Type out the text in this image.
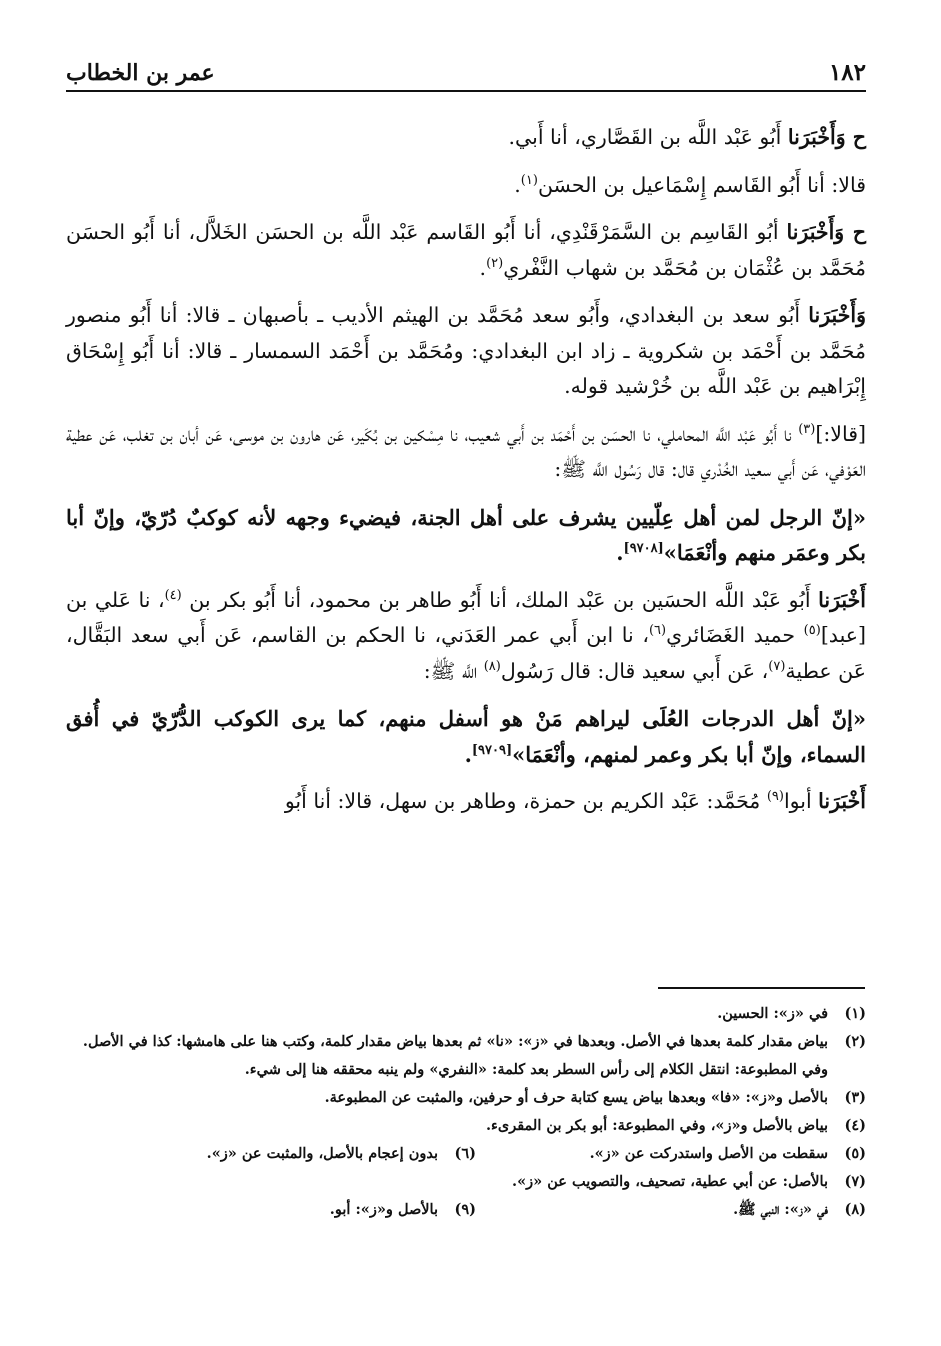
١٨٢
عمر بن الخطاب

ح وَأَخْبَرَنا أَبُو عَبْد اللَّه بن القَصَّاري، أنا أَبي.

قالا: أنا أَبُو القَاسم إِسْمَاعيل بن الحسَن$^{(١)}$.

ح وَأَخْبَرَنا أبُو القَاسِم بن السَّمَرْقَنْدِي، أنا أَبُو القَاسم عَبْد اللَّه بن الحسَن الخَلاَّل، أنا أَبُو الحسَن مُحَمَّد بن عُثْمَان بن مُحَمَّد بن شهاب النَّفْري$^{(٢)}$.

وَأَخْبَرَنا أَبُو سعد بن البغدادي، وأَبُو سعد مُحَمَّد بن الهيثم الأديب ـ بأصبهان ـ قالا: أنا أَبُو منصور مُحَمَّد بن أَحْمَد بن شكروية ـ زاد ابن البغدادي: ومُحَمَّد بن أَحْمَد السمسار ـ قالا: أنا أَبُو إِسْحَاق إِبْرَاهيم بن عَبْد اللَّه بن خُرْشيد قوله.

[قالا:]$^{(٣)}$ نا أَبُو عَبْد اللَّه المحاملي، نا الحسَن بن أَحْمَد بن أَبي شعيب، نا مِسْكين بن بُكَير، عَن هارون بن موسى، عَن أبان بن تغلب، عَن عطية العَوْفي، عَن أَبي سعيد الخُدْري قال: قال رَسُول اللَّه ﷺ:

«إنّ الرجل لمن أهل عِلّيين يشرف على أهل الجنة، فيضيء وجهه لأنه كوكبٌ دُرّيّ، وإنّ أبا بكر وعمَر منهم وأنْعَمَا»[٩٧٠٨].

أَخْبَرَنا أَبُو عَبْد اللَّه الحسَين بن عَبْد الملك، أنا أَبُو طاهر بن محمود، أنا أَبُو بكر بن $^{(٤)}$، نا عَلي بن [عبد]$^{(٥)}$ حميد الغَضَائري$^{(٦)}$، نا ابن أَبي عمر العَدَني، نا الحكم بن القاسم، عَن أَبي سعد البَقَّال، عَن عطية$^{(٧)}$، عَن أَبي سعيد قال: قال رَسُول$^{(٨)}$ اللَّه ﷺ:

«إنّ أهل الدرجات العُلَى ليراهم مَنْ هو أسفل منهم، كما يرى الكوكب الدُّرّيّ في أُفق السماء، وإنّ أبا بكر وعمر لمنهم، وأنْعَمَا»[٩٧٠٩].

أَخْبَرَنا أبوا$^{(٩)}$ مُحَمَّد: عَبْد الكريم بن حمزة، وطاهر بن سهل، قالا: أنا أَبُو

(١)
في «ز»: الحسين.
(٢)
بياض مقدار كلمة بعدها في الأصل. وبعدها في «ز»: «نا» ثم بعدها بياض مقدار كلمة، وكتب هنا على هامشها: كذا في الأصل.
وفي المطبوعة: انتقل الكلام إلى رأس السطر بعد كلمة: «النفري» ولم ينبه محققه هنا إلى شيء.
(٣)
بالأصل و«ز»: «فا» وبعدها بياض يسع كتابة حرف أو حرفين، والمثبت عن المطبوعة.
(٤)
بياض بالأصل و«ز»، وفي المطبوعة: أبو بكر بن المقرىء.
(٥)
سقطت من الأصل واستدركت عن «ز».
(٦)
بدون إعجام بالأصل، والمثبت عن «ز».
(٧)
بالأصل: عن أبي عطية، تصحيف، والتصويب عن «ز».
(٨)
في «ز»: النبي ﷺ.
(٩)
بالأصل و«ز»: أبو.
